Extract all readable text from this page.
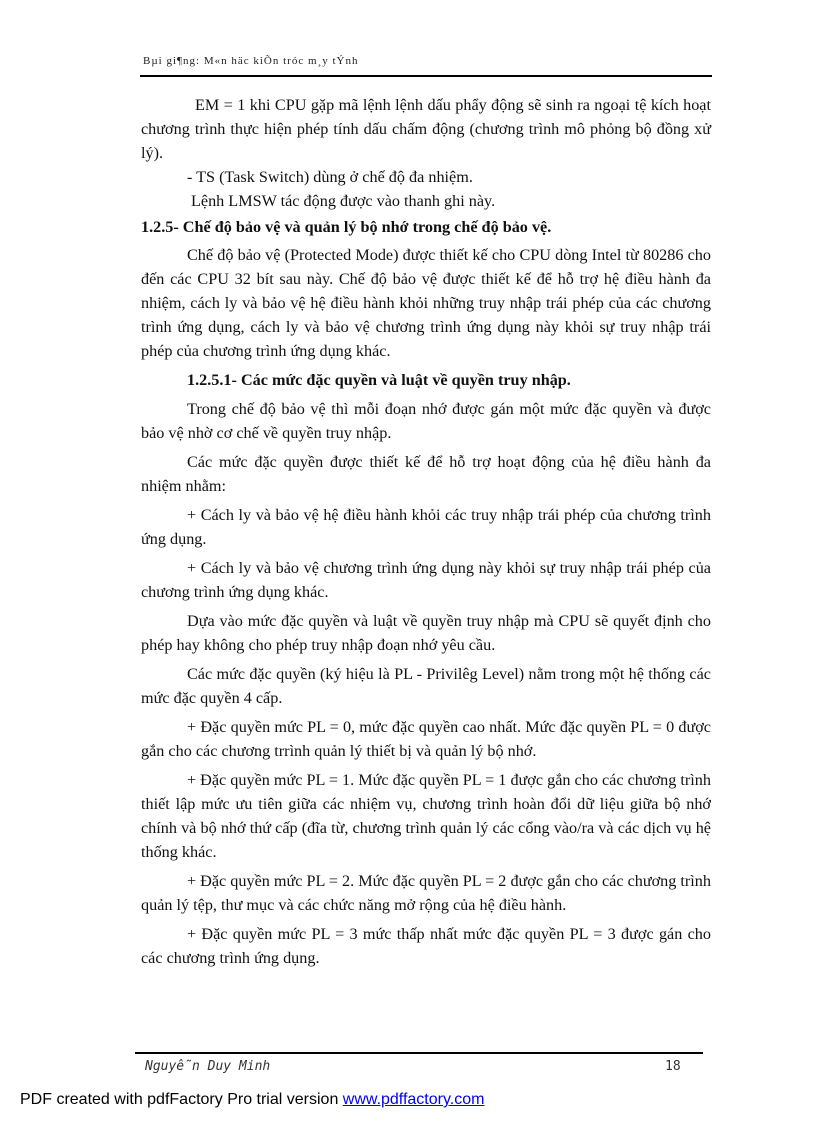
Bµi gi¶ng: M«n häc kiÕn tróc m¸y tÝnh

EM = 1 khi CPU gặp mã lệnh lệnh dấu phẩy động sẽ sinh ra ngoại tệ kích hoạt chương trình thực hiện phép tính dấu chấm động (chương trình mô phỏng bộ đồng xử lý).

- TS (Task Switch) dùng ở chế độ đa nhiệm.

Lệnh LMSW tác động được vào thanh ghi này.

1.2.5- Chế độ bảo vệ và quản lý bộ nhớ trong chế độ bảo vệ.

Chế độ bảo vệ (Protected Mode) được thiết kế cho CPU dòng Intel từ 80286 cho đến các CPU 32 bít sau này. Chế độ bảo vệ được thiết kế để hỗ trợ hệ điều hành đa nhiệm, cách ly và bảo vệ hệ điều hành khỏi những truy nhập trái phép của các chương trình ứng dụng, cách ly và bảo vệ chương trình ứng dụng này khỏi sự truy nhập trái phép của chương trình ứng dụng khác.

1.2.5.1- Các mức đặc quyền và luật về quyền truy nhập.

Trong chế độ bảo vệ thì mỗi đoạn nhớ được gán một mức đặc quyền và được bảo vệ nhờ cơ chế về quyền truy nhập.

Các mức đặc quyền được thiết kế để hỗ trợ hoạt động của hệ điều hành đa nhiệm nhằm:

+ Cách ly và bảo vệ hệ điều hành khỏi các truy nhập trái phép của chương trình ứng dụng.

+ Cách ly và bảo vệ chương trình ứng dụng này khỏi sự truy nhập trái phép của chương trình ứng dụng khác.

Dựa vào mức đặc quyền và luật về quyền truy nhập mà CPU sẽ quyết định cho phép hay không cho phép truy nhập đoạn nhớ yêu cầu.

Các mức đặc quyền (ký hiệu là PL - Privilêg Level) nằm trong một hệ thống các mức đặc quyền 4 cấp.

+ Đặc quyền mức PL = 0, mức đặc quyền cao nhất. Mức đặc quyền PL = 0 được gắn cho các chương trrình quản lý thiết bị và quản lý bộ nhớ.

+ Đặc quyền mức PL = 1. Mức đặc quyền PL = 1 được gắn cho các chương trình thiết lập mức ưu tiên giữa các nhiệm vụ, chương trình hoàn đổi dữ liệu giữa bộ nhớ chính và bộ nhớ thứ cấp (đĩa từ, chương trình quản lý các cổng vào/ra và các dịch vụ hệ thống khác.

+ Đặc quyền mức PL = 2. Mức đặc quyền PL = 2 được gắn cho các chương trình quản lý tệp, thư mục và các chức năng mở rộng của hệ điều hành.

+ Đặc quyền mức PL = 3 mức thấp nhất mức đặc quyền PL = 3 được gán cho các chương trình ứng dụng.

Nguyễn Duy Minh	18
PDF created with pdfFactory Pro trial version www.pdffactory.com
